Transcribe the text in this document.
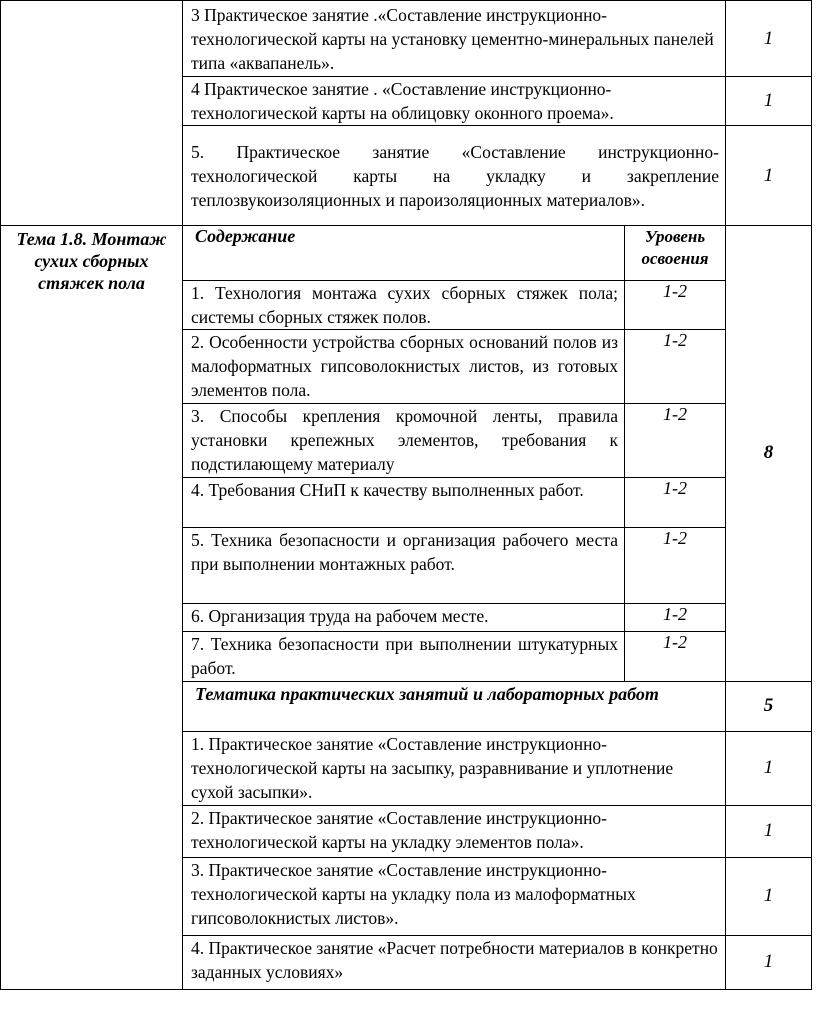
3 Практическое занятие .«Составление инструкционно-технологической карты на установку цементно-минеральных панелей типа «аквапанель».
	1

4 Практическое занятие . «Составление инструкционно-технологической карты на облицовку оконного проема».
	1

5. Практическое занятие «Составление инструкционно-технологической карты на укладку и закрепление теплозвукоизоляционных и пароизоляционных материалов».
	1

Тема 1.8. Монтаж сухих сборных стяжек пола

Содержание	Уровень освоения
	8

1. Технология монтажа сухих сборных стяжек пола; системы сборных стяжек полов.
	1-2

2. Особенности устройства сборных оснований полов из малоформатных гипсоволокнистых листов, из готовых элементов пола.
	1-2

3. Способы крепления кромочной ленты, правила установки крепежных элементов, требования к подстилающему материалу
	1-2

4. Требования СНиП к качеству выполненных работ.	1-2

5. Техника безопасности и организация рабочего места при выполнении монтажных работ.
	1-2

6. Организация труда на рабочем месте.	1-2

7. Техника безопасности при выполнении штукатурных работ.
	1-2

Тематика практических занятий и лабораторных работ
	5

1. Практическое занятие «Составление инструкционно-технологической карты на засыпку, разравнивание и уплотнение сухой засыпки».
	1

2. Практическое занятие «Составление инструкционно-технологической карты на укладку элементов пола».
	1

3. Практическое занятие «Составление инструкционно-технологической карты на укладку пола из малоформатных гипсоволокнистых листов».
	1

4. Практическое занятие «Расчет потребности материалов в конкретно заданных условиях»	1
